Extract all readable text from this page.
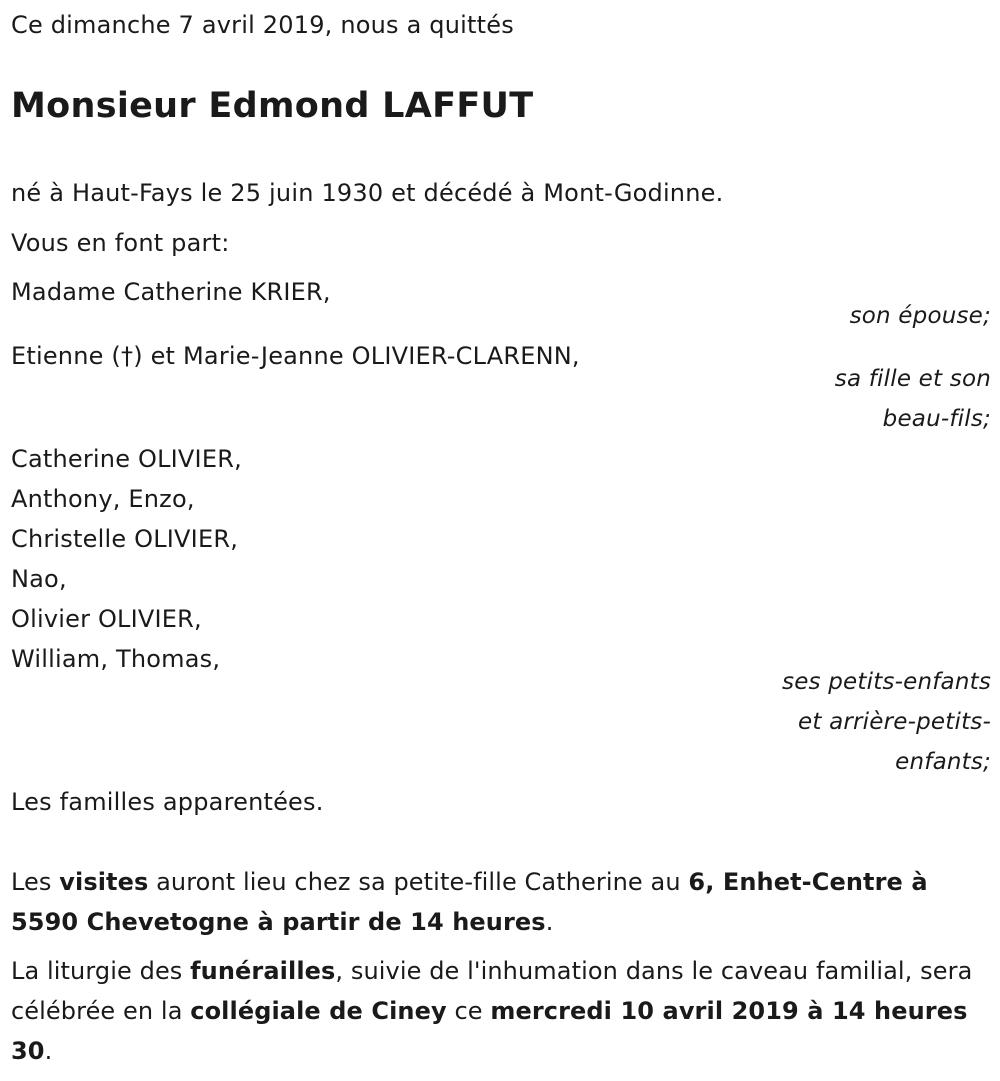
Ce dimanche 7 avril 2019, nous a quittés
Monsieur Edmond LAFFUT
né à Haut-Fays le 25 juin 1930 et décédé à Mont-Godinne.
Vous en font part:
Madame Catherine KRIER,
son épouse;
Etienne (†) et Marie-Jeanne OLIVIER-CLARENN,
sa fille et son
beau-fils;
Catherine OLIVIER,
Anthony, Enzo,
Christelle OLIVIER,
Nao,
Olivier OLIVIER,
William, Thomas,
ses petits-enfants
et arrière-petits-
enfants;
Les familles apparentées.
Les visites auront lieu chez sa petite-fille Catherine au 6, Enhet-Centre à 5590 Chevetogne à partir de 14 heures.
La liturgie des funérailles, suivie de l'inhumation dans le caveau familial, sera célébrée en la collégiale de Ciney ce mercredi 10 avril 2019 à 14 heures 30.
